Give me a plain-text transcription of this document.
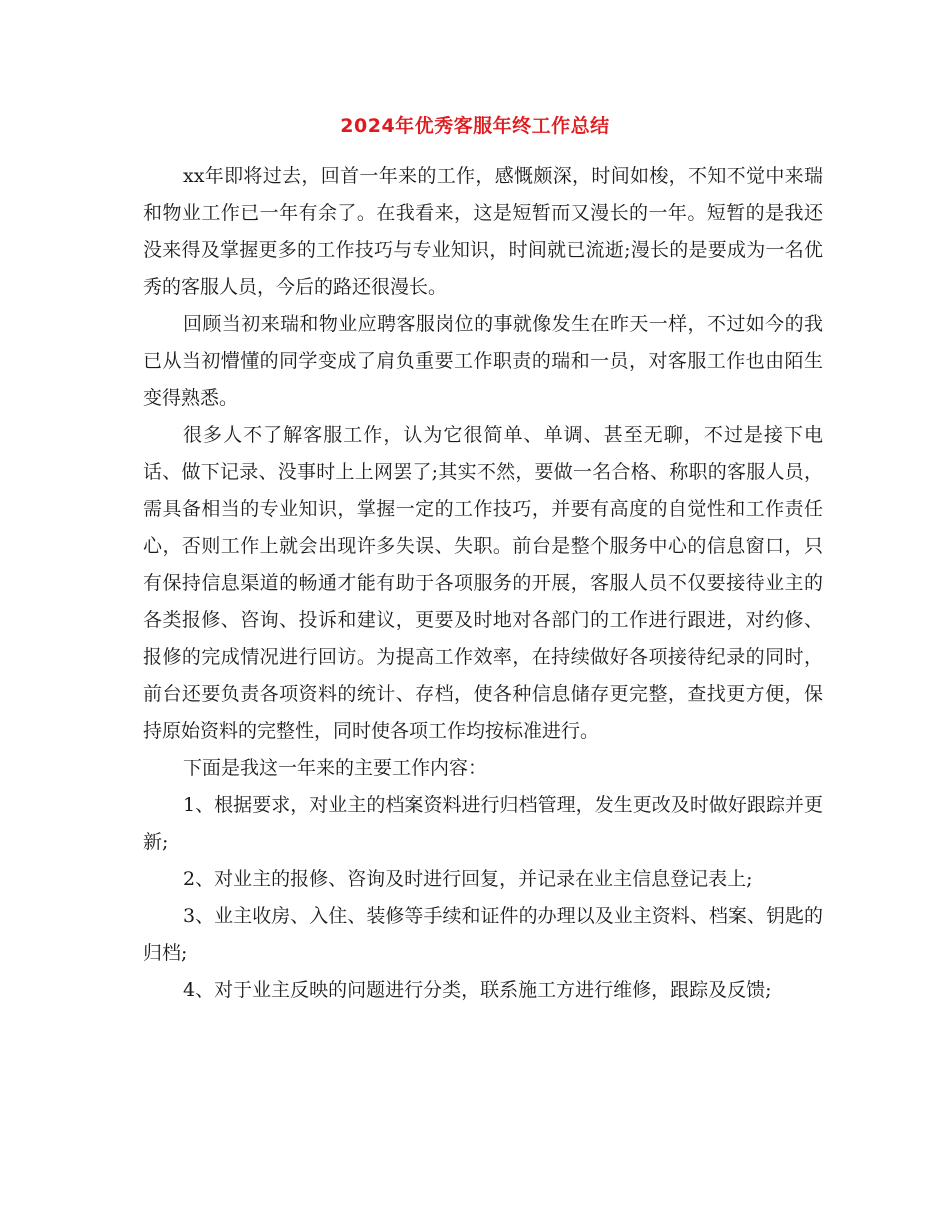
2024年优秀客服年终工作总结

xx年即将过去，回首一年来的工作，感慨颇深，时间如梭，不知不觉中来瑞和物业工作已一年有余了。在我看来，这是短暂而又漫长的一年。短暂的是我还没来得及掌握更多的工作技巧与专业知识，时间就已流逝;漫长的是要成为一名优秀的客服人员，今后的路还很漫长。

回顾当初来瑞和物业应聘客服岗位的事就像发生在昨天一样，不过如今的我已从当初懵懂的同学变成了肩负重要工作职责的瑞和一员，对客服工作也由陌生变得熟悉。

很多人不了解客服工作，认为它很简单、单调、甚至无聊，不过是接下电话、做下记录、没事时上上网罢了;其实不然，要做一名合格、称职的客服人员，需具备相当的专业知识，掌握一定的工作技巧，并要有高度的自觉性和工作责任心，否则工作上就会出现许多失误、失职。前台是整个服务中心的信息窗口，只有保持信息渠道的畅通才能有助于各项服务的开展，客服人员不仅要接待业主的各类报修、咨询、投诉和建议，更要及时地对各部门的工作进行跟进，对约修、报修的完成情况进行回访。为提高工作效率，在持续做好各项接待纪录的同时，前台还要负责各项资料的统计、存档，使各种信息储存更完整，查找更方便，保持原始资料的完整性，同时使各项工作均按标准进行。

下面是我这一年来的主要工作内容：

1、根据要求，对业主的档案资料进行归档管理，发生更改及时做好跟踪并更新;

2、对业主的报修、咨询及时进行回复，并记录在业主信息登记表上;

3、业主收房、入住、装修等手续和证件的办理以及业主资料、档案、钥匙的归档;

4、对于业主反映的问题进行分类，联系施工方进行维修，跟踪及反馈;
